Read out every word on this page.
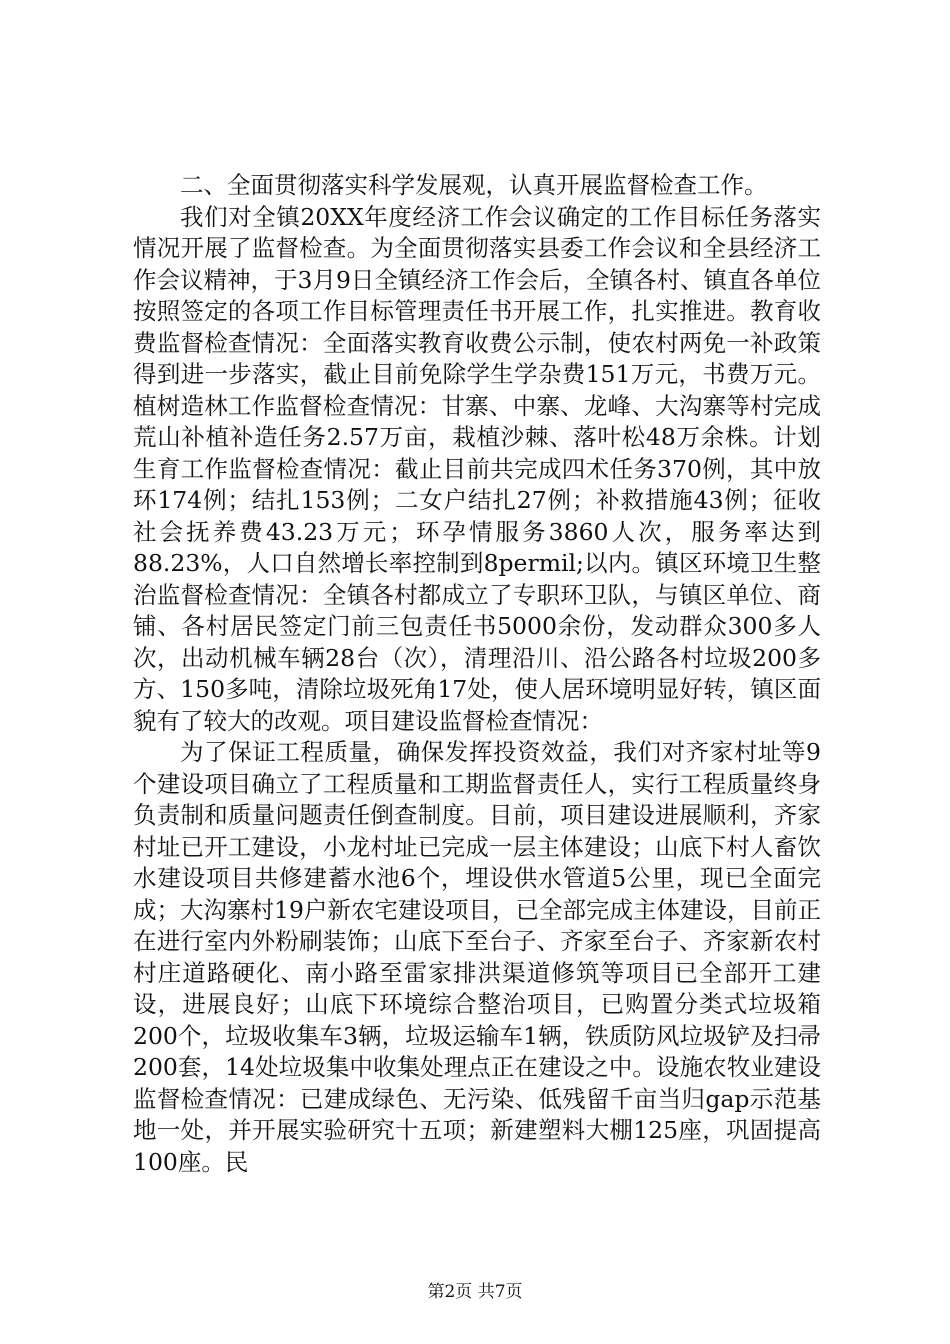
二、全面贯彻落实科学发展观，认真开展监督检查工作。

我们对全镇20XX年度经济工作会议确定的工作目标任务落实情况开展了监督检查。为全面贯彻落实县委工作会议和全县经济工作会议精神，于3月9日全镇经济工作会后，全镇各村、镇直各单位按照签定的各项工作目标管理责任书开展工作，扎实推进。教育收费监督检查情况：全面落实教育收费公示制，使农村两免一补政策得到进一步落实，截止目前免除学生学杂费151万元，书费万元。植树造林工作监督检查情况：甘寨、中寨、龙峰、大沟寨等村完成荒山补植补造任务2.57万亩，栽植沙棘、落叶松48万余株。计划生育工作监督检查情况：截止目前共完成四术任务370例，其中放环174例；结扎153例；二女户结扎27例；补救措施43例；征收社会抚养费43.23万元；环孕情服务3860人次，服务率达到88.23%，人口自然增长率控制到8permil;以内。镇区环境卫生整治监督检查情况：全镇各村都成立了专职环卫队，与镇区单位、商铺、各村居民签定门前三包责任书5000余份，发动群众300多人次，出动机械车辆28台（次），清理沿川、沿公路各村垃圾200多方、150多吨，清除垃圾死角17处，使人居环境明显好转，镇区面貌有了较大的改观。项目建设监督检查情况：

为了保证工程质量，确保发挥投资效益，我们对齐家村址等9个建设项目确立了工程质量和工期监督责任人，实行工程质量终身负责制和质量问题责任倒查制度。目前，项目建设进展顺利，齐家村址已开工建设，小龙村址已完成一层主体建设；山底下村人畜饮水建设项目共修建蓄水池6个，埋设供水管道5公里，现已全面完成；大沟寨村19户新农宅建设项目，已全部完成主体建设，目前正在进行室内外粉刷装饰；山底下至台子、齐家至台子、齐家新农村村庄道路硬化、南小路至雷家排洪渠道修筑等项目已全部开工建设，进展良好；山底下环境综合整治项目，已购置分类式垃圾箱200个，垃圾收集车3辆，垃圾运输车1辆，铁质防风垃圾铲及扫帚200套，14处垃圾集中收集处理点正在建设之中。设施农牧业建设监督检查情况：已建成绿色、无污染、低残留千亩当归gap示范基地一处，并开展实验研究十五项；新建塑料大棚125座，巩固提高100座。民

第2页 共7页
